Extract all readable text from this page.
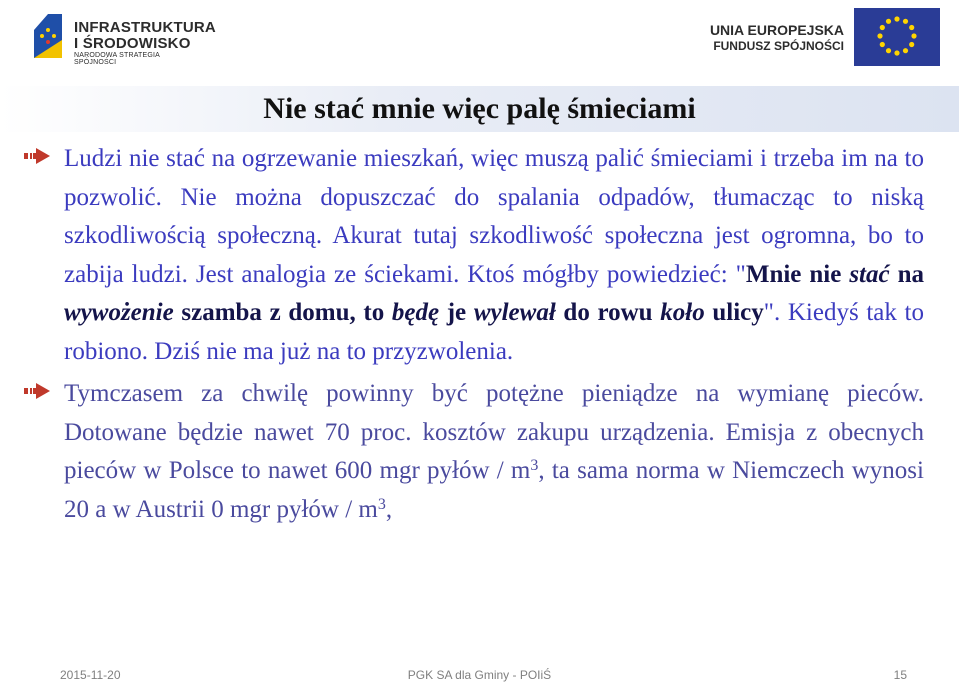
INFRASTRUKTURA
I ŚRODOWISKO
NARODOWA STRATEGIA SPÓJNOŚCI
UNIA EUROPEJSKA
FUNDUSZ SPÓJNOŚCI
Nie stać mnie więc palę śmieciami

Ludzi nie stać na ogrzewanie mieszkań, więc muszą palić śmieciami i trzeba im na to pozwolić. Nie można dopuszczać do spalania odpadów, tłumacząc to niską szkodliwością społeczną. Akurat tutaj szkodliwość społeczna jest ogromna, bo to zabija ludzi. Jest analogia ze ściekami. Ktoś mógłby powiedzieć: "Mnie nie stać na wywożenie szamba z domu, to będę je wylewał do rowu koło ulicy". Kiedyś tak to robiono. Dziś nie ma już na to przyzwolenia.

Tymczasem za chwilę powinny być potężne pieniądze na wymianę pieców. Dotowane będzie nawet 70 proc. kosztów zakupu urządzenia. Emisja z obecnych pieców w Polsce to nawet 600 mgr pyłów / $m^3$, ta sama norma w Niemczech wynosi 20 a w Austrii 0 mgr pyłów / $m^3$,

2015-11-20	PGK SA dla Gminy - POIiŚ	15
